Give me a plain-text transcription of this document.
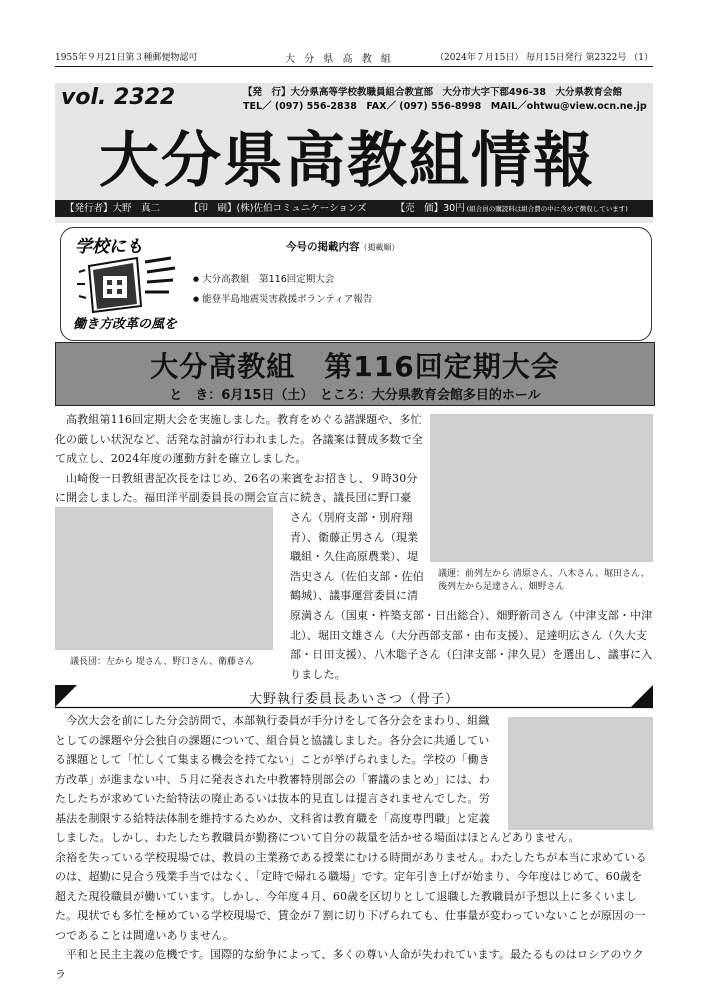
1955年９月21日第３種郵便物認可	大 分 県 高 教 組	（2024年７月15日） 毎月15日発行 第2322号 （1）
vol. 2322	【発　行】大分県高等学校教職員組合教宣部　大分市大字下郡496-38　大分県教育会館
TEL／ (097) 556-2838　FAX／ (097) 556-8998　MAIL／ohtwu@view.ocn.ne.jp
大分県高教組情報
【発行者】大野　真二	【印　刷】(株)佐伯コミュニケーションズ	【売　価】30円 (組合員の購読料は組合費の中に含めて徴収しています)
学校にも
働き方改革の風を
今号の掲載内容（掲載順）
● 大分高教組　第116回定期大会
● 能登半島地震災害救援ボランティア報告
大分高教組　第116回定期大会
と　き：6月15日（土）　ところ：大分県教育会館多目的ホール

高教組第116回定期大会を実施しました。教育をめぐる諸課題や、多忙化の厳しい状況など、活発な討論が行われました。各議案は賛成多数で全て成立し、2024年度の運動方針を確立しました。

山崎俊一日教組書記次長をはじめ、26名の来賓をお招きし、９時30分に開会しました。福田洋平副委員長の開会宣言に続き、議長団に野口豪

議運：前列左から 清原さん、八木さん、堀田さん、後列左から足達さん、畑野さん
議長団：左から 堤さん、野口さん、衛藤さん

さん（別府支部・別府翔青）、衛藤正男さん（現業職組・久住高原農業）、堤浩史さん（佐伯支部・佐伯鶴城）、議事運営委員に清

原満さん（国東・杵築支部・日出総合）、畑野新司さん（中津支部・中津北）、堀田文雄さん（大分西部支部・由布支援）、足達明広さん（久大支部・日田支援）、八木聡子さん（臼津支部・津久見）を選出し、議事に入りました。

大野執行委員長あいさつ（骨子）

今次大会を前にした分会訪問で、本部執行委員が手分けをして各分会をまわり、組織としての課題や分会独自の課題について、組合員と協議しました。各分会に共通している課題として「忙しくて集まる機会を持てない」ことが挙げられました。学校の「働き方改革」が進まない中、５月に発表された中教審特別部会の「審議のまとめ」には、わたしたちが求めていた給特法の廃止あるいは抜本的見直しは提言されませんでした。労基法を制限する給特法体制を維持するためか、文科省は教育職を「高度専門職」と定義

しました。しかし、わたしたち教職員が勤務について自分の裁量を活かせる場面はほとんどありません。

余裕を失っている学校現場では、教員の主業務である授業にむける時間がありません。わたしたちが本当に求めているのは、超勤に見合う残業手当ではなく、「定時で帰れる職場」です。定年引き上げが始まり、今年度はじめて、60歳を超えた現役職員が働いています。しかし、今年度４月、60歳を区切りとして退職した教職員が予想以上に多くいました。現状でも多忙を極めている学校現場で、賃金が７割に切り下げられても、仕事量が変わっていないことが原因の一つであることは間違いありません。

平和と民主主義の危機です。国際的な紛争によって、多くの尊い人命が失われています。最たるものはロシアのウクラ
